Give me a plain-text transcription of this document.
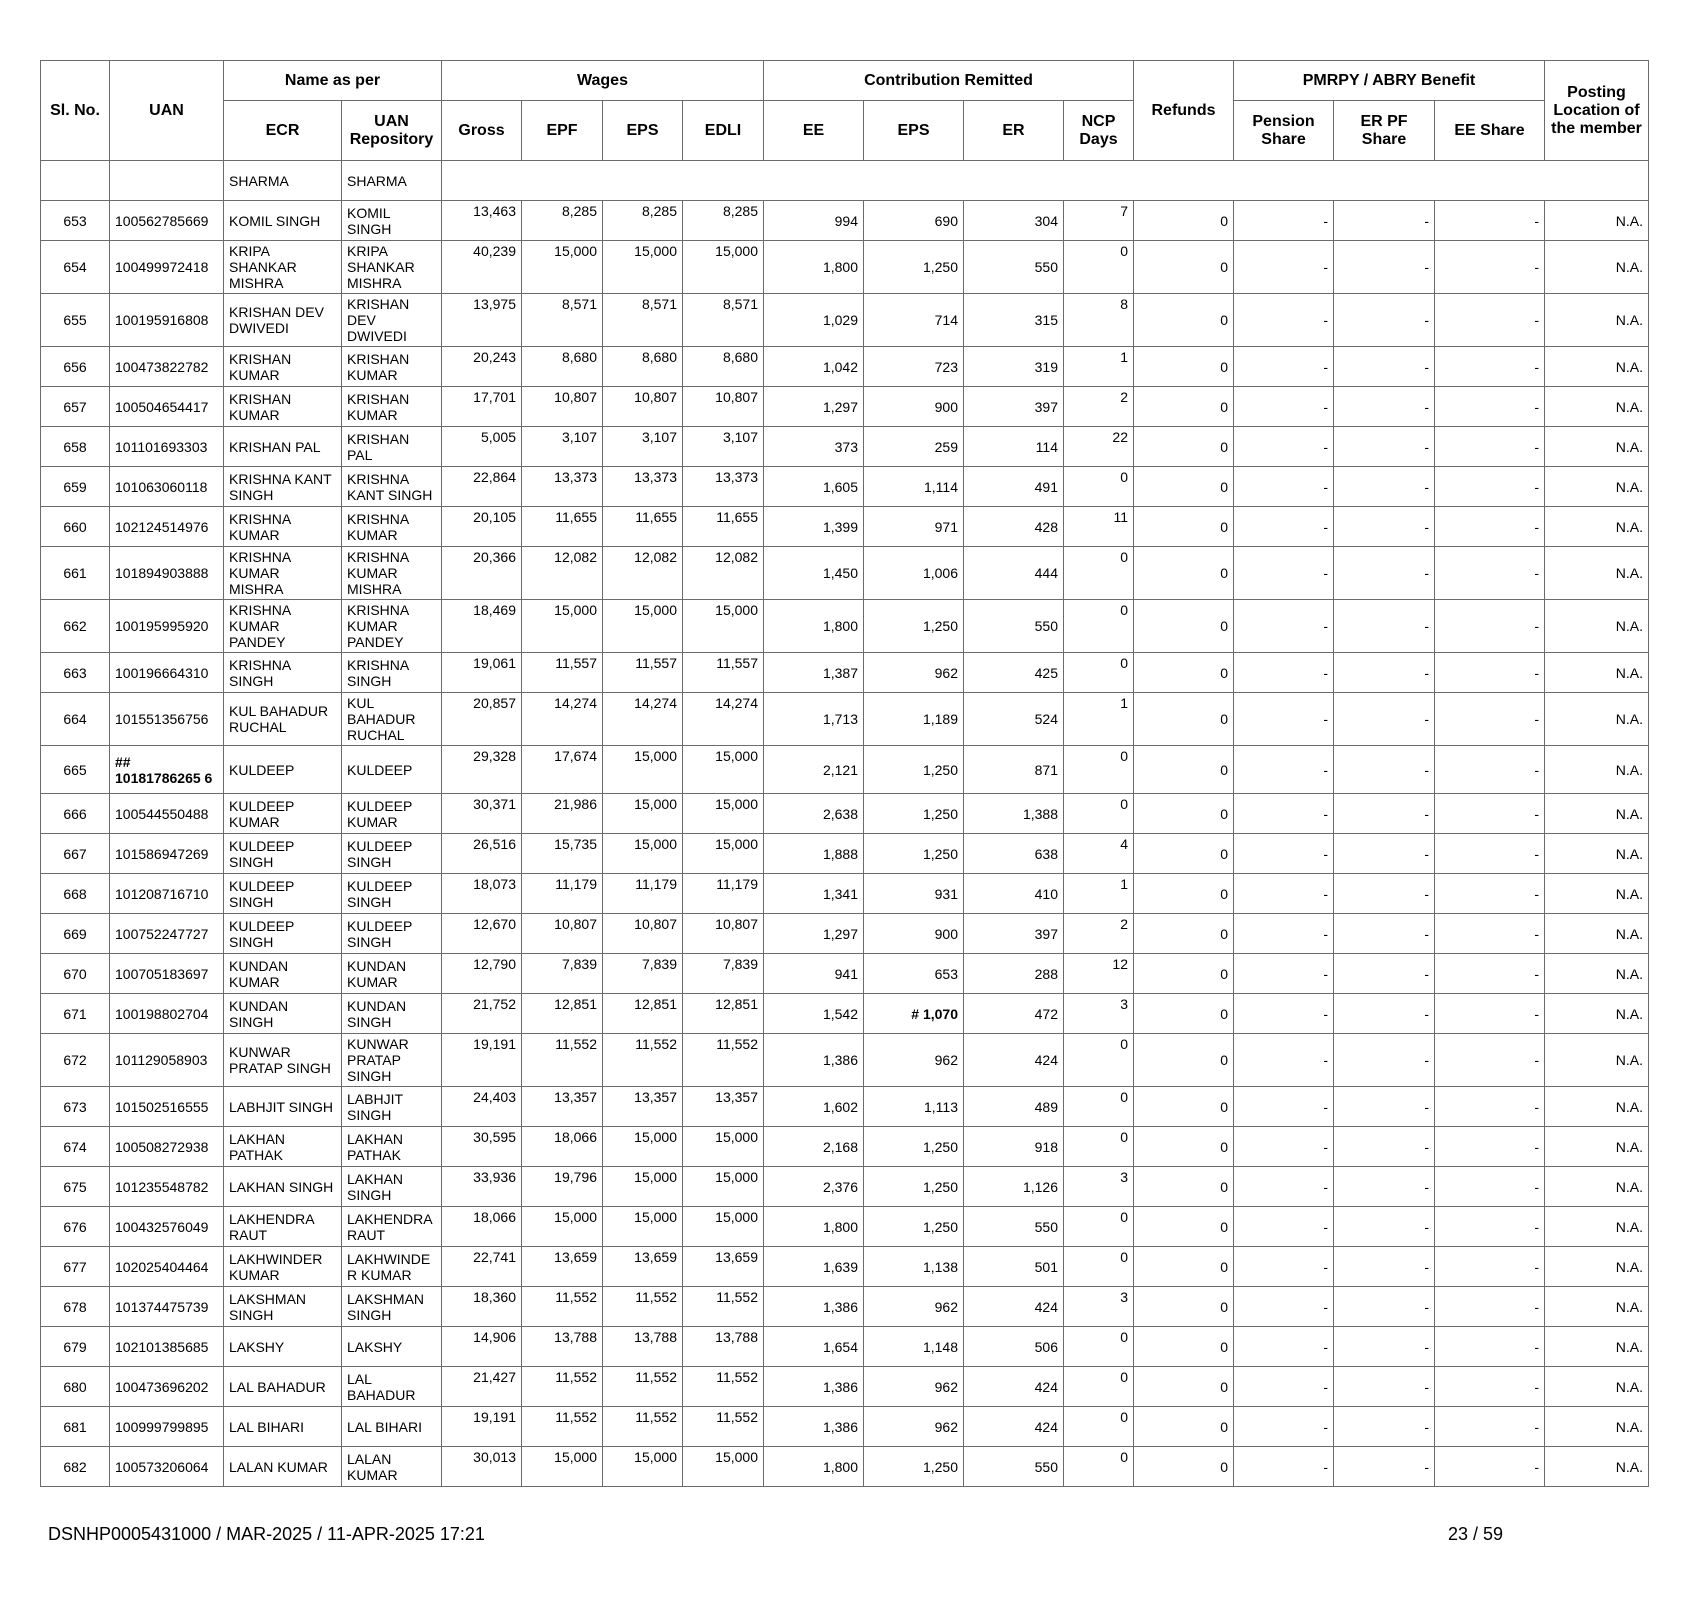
Sl. No.	UAN	Name as per		Wages				Contribution Remitted				Refunds	PMRPY / ABRY Benefit			Posting Location of the member
		ECR	UAN Repository	Gross	EPF	EPS	EDLI	EE	EPS	ER	NCP Days		Pension Share	ER PF Share	EE Share	
		SHARMA	SHARMA													
653	100562785669	KOMIL SINGH	KOMIL SINGH	13,463	8,285	8,285	8,285	994	690	304	7	0	-	-	-	N.A.
654	100499972418	KRIPA SHANKAR MISHRA	KRIPA SHANKAR MISHRA	40,239	15,000	15,000	15,000	1,800	1,250	550	0	0	-	-	-	N.A.
655	100195916808	KRISHAN DEV DWIVEDI	KRISHAN DEV DWIVEDI	13,975	8,571	8,571	8,571	1,029	714	315	8	0	-	-	-	N.A.
656	100473822782	KRISHAN KUMAR	KRISHAN KUMAR	20,243	8,680	8,680	8,680	1,042	723	319	1	0	-	-	-	N.A.
657	100504654417	KRISHAN KUMAR	KRISHAN KUMAR	17,701	10,807	10,807	10,807	1,297	900	397	2	0	-	-	-	N.A.
658	101101693303	KRISHAN PAL	KRISHAN PAL	5,005	3,107	3,107	3,107	373	259	114	22	0	-	-	-	N.A.
659	101063060118	KRISHNA KANT SINGH	KRISHNA KANT SINGH	22,864	13,373	13,373	13,373	1,605	1,114	491	0	0	-	-	-	N.A.
660	102124514976	KRISHNA KUMAR	KRISHNA KUMAR	20,105	11,655	11,655	11,655	1,399	971	428	11	0	-	-	-	N.A.
661	101894903888	KRISHNA KUMAR MISHRA	KRISHNA KUMAR MISHRA	20,366	12,082	12,082	12,082	1,450	1,006	444	0	0	-	-	-	N.A.
662	100195995920	KRISHNA KUMAR PANDEY	KRISHNA KUMAR PANDEY	18,469	15,000	15,000	15,000	1,800	1,250	550	0	0	-	-	-	N.A.
663	100196664310	KRISHNA SINGH	KRISHNA SINGH	19,061	11,557	11,557	11,557	1,387	962	425	0	0	-	-	-	N.A.
664	101551356756	KUL BAHADUR RUCHAL	KUL BAHADUR RUCHAL	20,857	14,274	14,274	14,274	1,713	1,189	524	1	0	-	-	-	N.A.
665	## 10181786265 6	KULDEEP	KULDEEP	29,328	17,674	15,000	15,000	2,121	1,250	871	0	0	-	-	-	N.A.
666	100544550488	KULDEEP KUMAR	KULDEEP KUMAR	30,371	21,986	15,000	15,000	2,638	1,250	1,388	0	0	-	-	-	N.A.
667	101586947269	KULDEEP SINGH	KULDEEP SINGH	26,516	15,735	15,000	15,000	1,888	1,250	638	4	0	-	-	-	N.A.
668	101208716710	KULDEEP SINGH	KULDEEP SINGH	18,073	11,179	11,179	11,179	1,341	931	410	1	0	-	-	-	N.A.
669	100752247727	KULDEEP SINGH	KULDEEP SINGH	12,670	10,807	10,807	10,807	1,297	900	397	2	0	-	-	-	N.A.
670	100705183697	KUNDAN KUMAR	KUNDAN KUMAR	12,790	7,839	7,839	7,839	941	653	288	12	0	-	-	-	N.A.
671	100198802704	KUNDAN SINGH	KUNDAN SINGH	21,752	12,851	12,851	12,851	1,542	# 1,070	472	3	0	-	-	-	N.A.
672	101129058903	KUNWAR PRATAP SINGH	KUNWAR PRATAP SINGH	19,191	11,552	11,552	11,552	1,386	962	424	0	0	-	-	-	N.A.
673	101502516555	LABHJIT SINGH	LABHJIT SINGH	24,403	13,357	13,357	13,357	1,602	1,113	489	0	0	-	-	-	N.A.
674	100508272938	LAKHAN PATHAK	LAKHAN PATHAK	30,595	18,066	15,000	15,000	2,168	1,250	918	0	0	-	-	-	N.A.
675	101235548782	LAKHAN SINGH	LAKHAN SINGH	33,936	19,796	15,000	15,000	2,376	1,250	1,126	3	0	-	-	-	N.A.
676	100432576049	LAKHENDRA RAUT	LAKHENDRA RAUT	18,066	15,000	15,000	15,000	1,800	1,250	550	0	0	-	-	-	N.A.
677	102025404464	LAKHWINDER KUMAR	LAKHWINDE R KUMAR	22,741	13,659	13,659	13,659	1,639	1,138	501	0	0	-	-	-	N.A.
678	101374475739	LAKSHMAN SINGH	LAKSHMAN SINGH	18,360	11,552	11,552	11,552	1,386	962	424	3	0	-	-	-	N.A.
679	102101385685	LAKSHY	LAKSHY	14,906	13,788	13,788	13,788	1,654	1,148	506	0	0	-	-	-	N.A.
680	100473696202	LAL BAHADUR	LAL BAHADUR	21,427	11,552	11,552	11,552	1,386	962	424	0	0	-	-	-	N.A.
681	100999799895	LAL BIHARI	LAL BIHARI	19,191	11,552	11,552	11,552	1,386	962	424	0	0	-	-	-	N.A.
682	100573206064	LALAN KUMAR	LALAN KUMAR	30,013	15,000	15,000	15,000	1,800	1,250	550	0	0	-	-	-	N.A.
DSNHP0005431000 / MAR-2025 / 11-APR-2025 17:21	23 / 59
